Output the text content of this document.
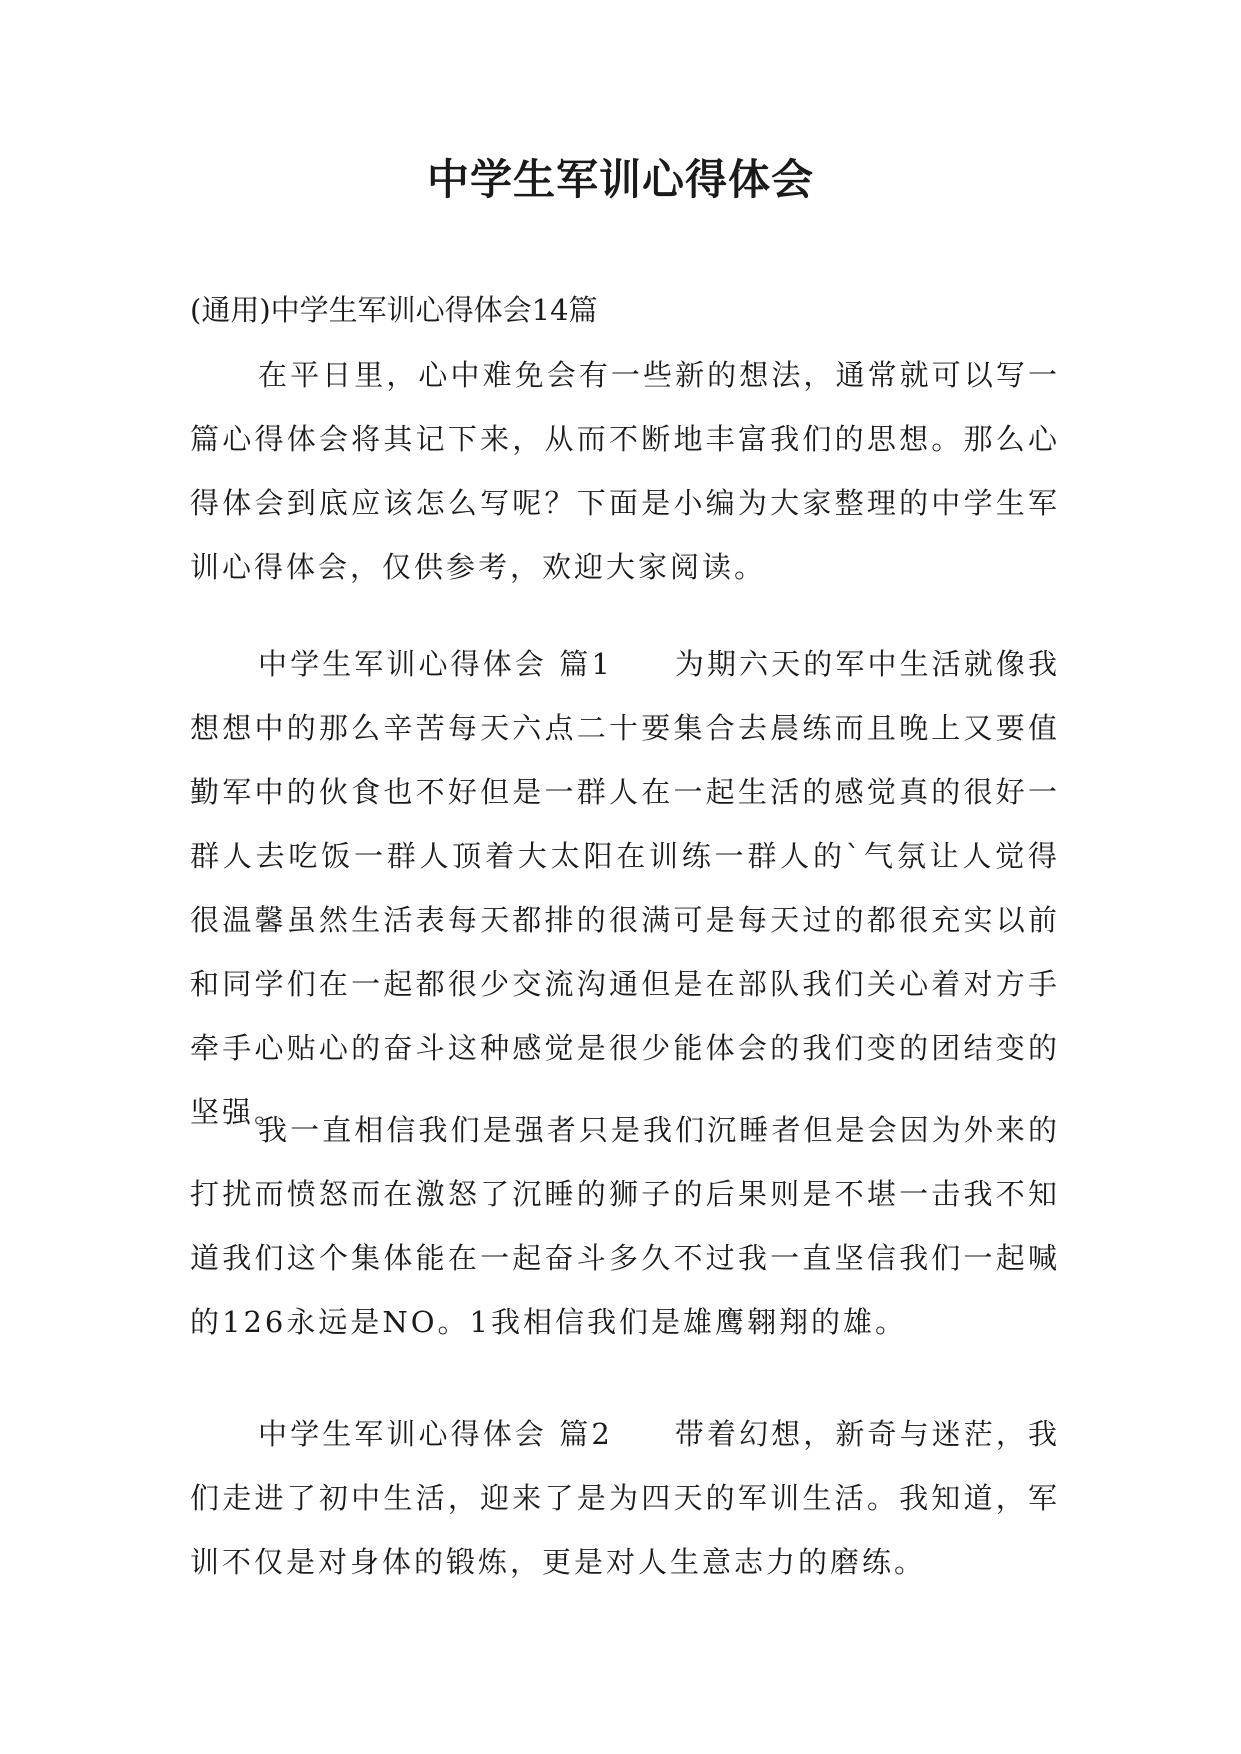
中学生军训心得体会

(通用)中学生军训心得体会14篇

在平日里，心中难免会有一些新的想法，通常就可以写一篇心得体会将其记下来，从而不断地丰富我们的思想。那么心得体会到底应该怎么写呢？下面是小编为大家整理的中学生军训心得体会，仅供参考，欢迎大家阅读。

中学生军训心得体会 篇1 为期六天的军中生活就像我想想中的那么辛苦每天六点二十要集合去晨练而且晚上又要值勤军中的伙食也不好但是一群人在一起生活的感觉真的很好一群人去吃饭一群人顶着大太阳在训练一群人的`气氛让人觉得很温馨虽然生活表每天都排的很满可是每天过的都很充实以前和同学们在一起都很少交流沟通但是在部队我们关心着对方手牵手心贴心的奋斗这种感觉是很少能体会的我们变的团结变的坚强。

我一直相信我们是强者只是我们沉睡者但是会因为外来的打扰而愤怒而在激怒了沉睡的狮子的后果则是不堪一击我不知道我们这个集体能在一起奋斗多久不过我一直坚信我们一起喊的126永远是NO。1我相信我们是雄鹰翱翔的雄。

中学生军训心得体会 篇2 带着幻想，新奇与迷茫，我们走进了初中生活，迎来了是为四天的军训生活。我知道，军训不仅是对身体的锻炼，更是对人生意志力的磨练。
